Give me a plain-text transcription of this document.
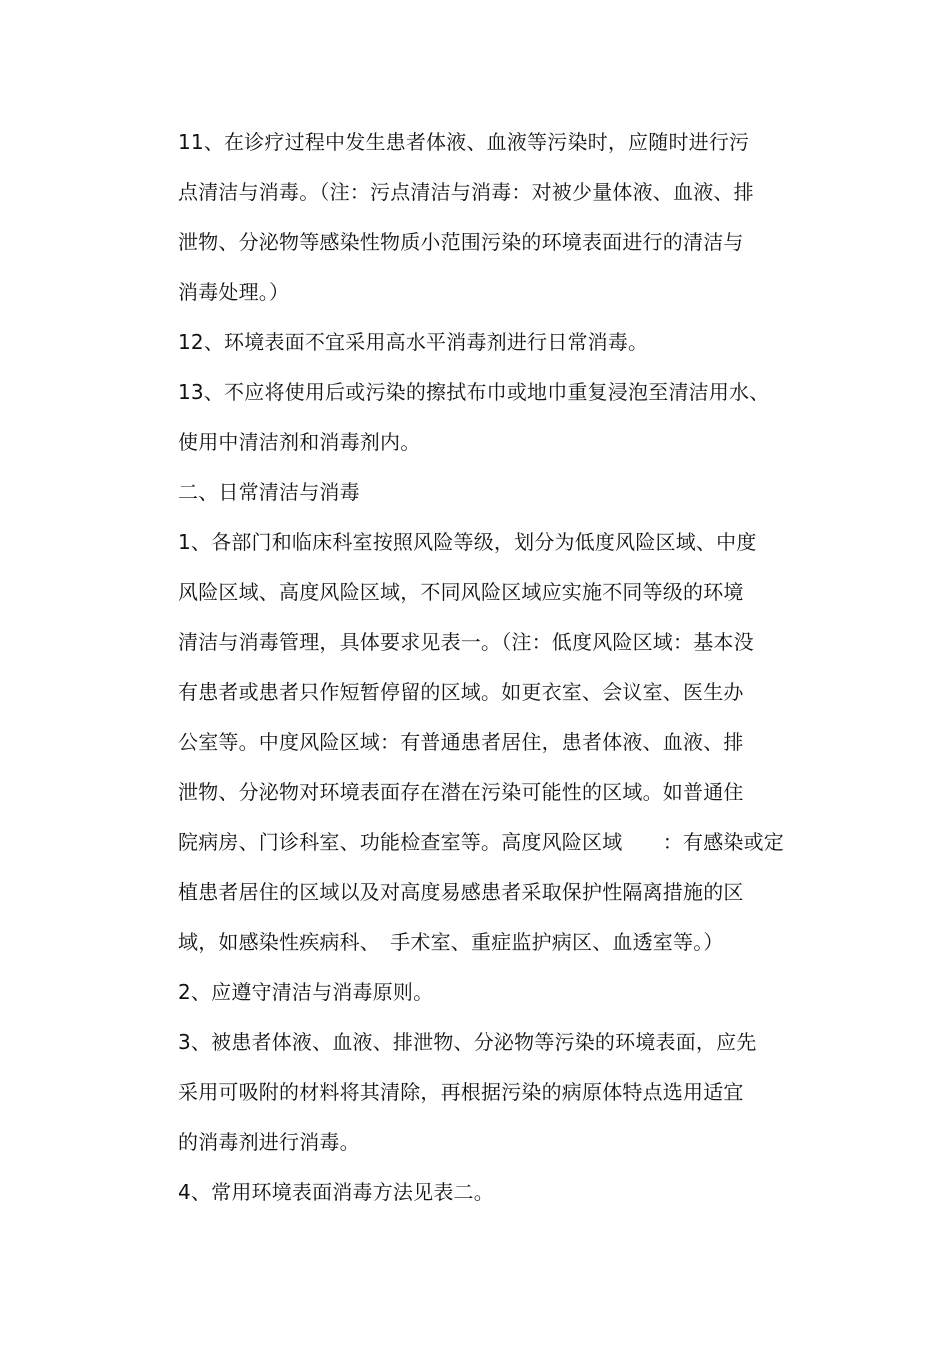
11、在诊疗过程中发生患者体液、血液等污染时，应随时进行污
点清洁与消毒。（注：污点清洁与消毒：对被少量体液、血液、排
泄物、分泌物等感染性物质小范围污染的环境表面进行的清洁与
消毒处理。）
12、环境表面不宜采用高水平消毒剂进行日常消毒。
13、不应将使用后或污染的擦拭布巾或地巾重复浸泡至清洁用水、
使用中清洁剂和消毒剂内。
二、日常清洁与消毒
1、各部门和临床科室按照风险等级，划分为低度风险区域、中度
风险区域、高度风险区域，不同风险区域应实施不同等级的环境
清洁与消毒管理，具体要求见表一。（注：低度风险区域：基本没
有患者或患者只作短暂停留的区域。如更衣室、会议室、医生办
公室等。中度风险区域：有普通患者居住，患者体液、血液、排
泄物、分泌物对环境表面存在潜在污染可能性的区域。如普通住
院病房、门诊科室、功能检查室等。高度风险区域　　：有感染或定
植患者居住的区域以及对高度易感患者采取保护性隔离措施的区
域，如感染性疾病科、　手术室、重症监护病区、血透室等。）
2、应遵守清洁与消毒原则。
3、被患者体液、血液、排泄物、分泌物等污染的环境表面，应先
采用可吸附的材料将其清除，再根据污染的病原体特点选用适宜
的消毒剂进行消毒。
4、常用环境表面消毒方法见表二。
